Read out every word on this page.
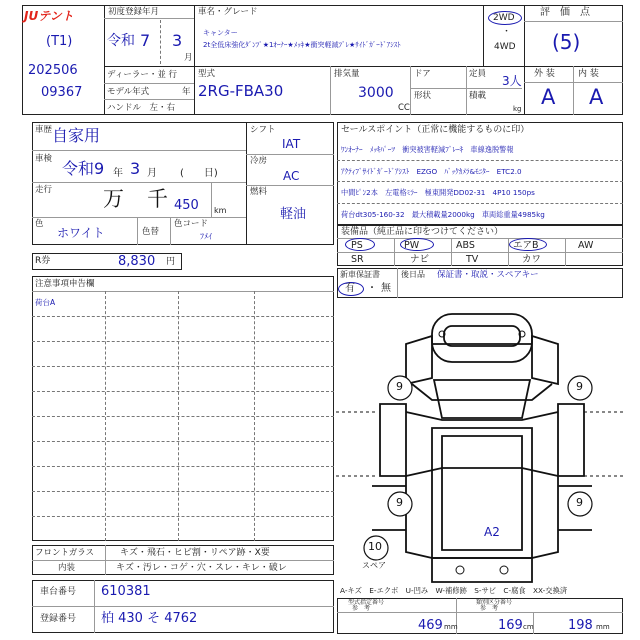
JUテント	初度登録年月
令和 7 3
月
(T1)
202506
09367
ディーラー・並 行
モデル年式	年
ハンドル　左・右
車名・グレード
キャンター
2t全低床強化ﾀﾞﾝﾌﾟ★1ｵｰﾅｰ★ﾒｯｷ★衝突軽減ﾌﾞﾚ★ｻｲﾄﾞｶﾞｰﾄﾞｱｼｽﾄ
2WD
・
4WD
型式
2RG-FBA30
排気量
3000
CC
ドア
形状
定員 3人
積載
kg
評　価　点
(5)
外 装	内 装
A A
車歴 自家用
車検 令和9 年 3 月 (　　日)
走行 万 千 450 km
色
ホワイト	色替
色コード
ﾌﾒｲ
シフト
IAT
冷房
AC
燃料
軽油
R券	8,830 円
セールスポイント（正常に機能するものに印）
ﾜﾝｵｰﾅｰ　ﾒｯｷﾊﾟｰﾂ　衝突被害軽減ﾌﾞﾚｰｷ　車線逸脱警報
ｱｸﾃｨﾌﾞｻｲﾄﾞｶﾞｰﾄﾞｱｼｽﾄ　EZGO　ﾊﾞｯｸｶﾒﾗ&ﾓﾆﾀｰ　ETC2.0
中間ﾋﾟﾝ2本　左電格ﾐﾗｰ　極東開発DD02-31　4P10 150ps
荷台dt305-160-32　最大積載量2000kg　車両総重量4985kg
装備品（純正品に印をつけてください）
PS	PW	ABS	エアB	AW
SR	ナビ	TV	カワ
新車保証書
有 ・ 無
後日品 保証書・取説・スペアキー
注意事項申告欄
荷台A
9	9
9	9
A2
10
スペア
フロントガラス	キズ・飛石・ヒビ割・リペア跡・X要
内装	キズ・汚レ・コゲ・穴・スレ・キレ・破レ
車台番号 610381
登録番号 柏 430 そ 4762
A-キズ　E-エクボ　U-凹み　W-補修跡　S-サビ　C-腐食　XX-交換済
型式指定番号
参　考
469 mm
類別区分番号
参　考
169 cm	198 mm
